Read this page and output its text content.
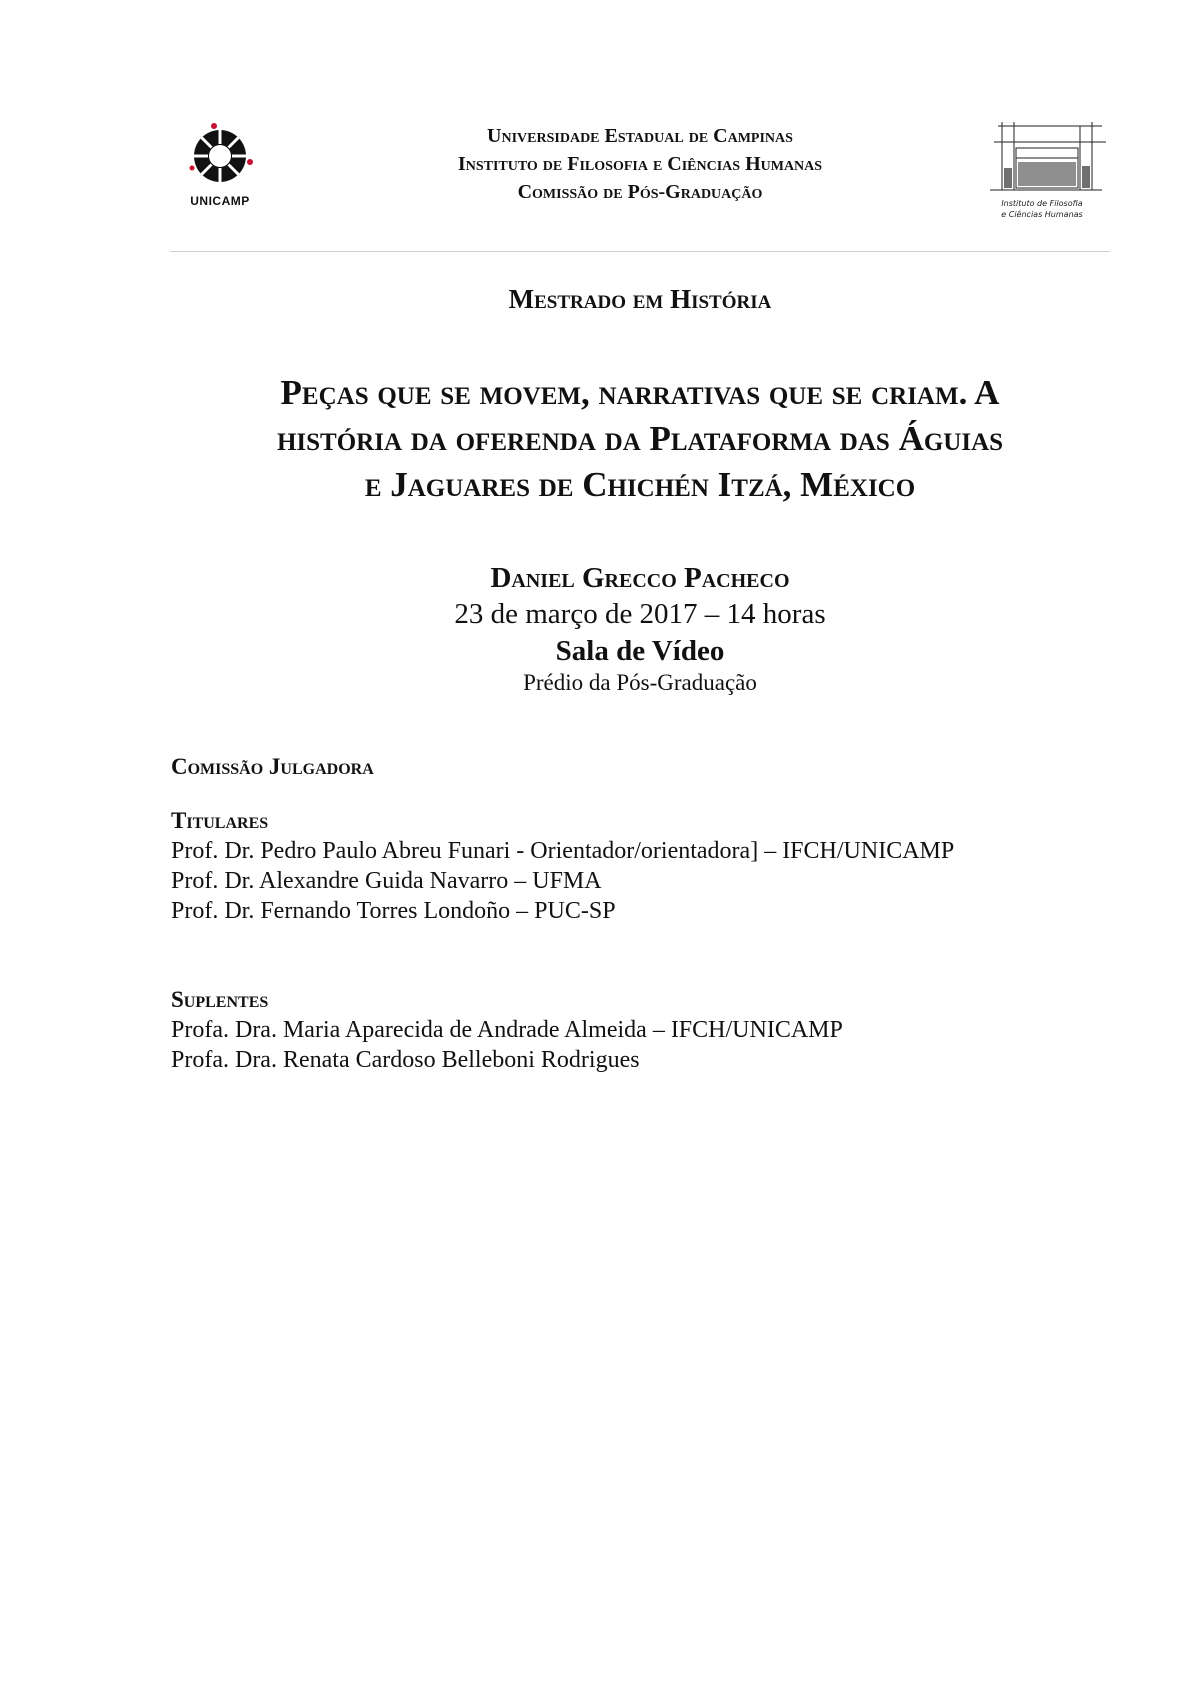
UNICAMP
Universidade Estadual de Campinas
Instituto de Filosofia e Ciências Humanas
Comissão de Pós-Graduação
Instituto de Filosofia
e Ciências Humanas
Mestrado em História
Peças que se movem, narrativas que se criam. A
história da oferenda da Plataforma das Águias
e Jaguares de Chichén Itzá, México
Daniel Grecco Pacheco
23 de março de 2017 – 14 horas
Sala de Vídeo
Prédio da Pós-Graduação
Comissão Julgadora
Titulares
Prof. Dr. Pedro Paulo Abreu Funari - Orientador/orientadora] – IFCH/UNICAMP
Prof. Dr. Alexandre Guida Navarro – UFMA
Prof. Dr. Fernando Torres Londoño – PUC-SP
Suplentes
Profa. Dra. Maria Aparecida de Andrade Almeida – IFCH/UNICAMP
Profa. Dra. Renata Cardoso Belleboni Rodrigues
